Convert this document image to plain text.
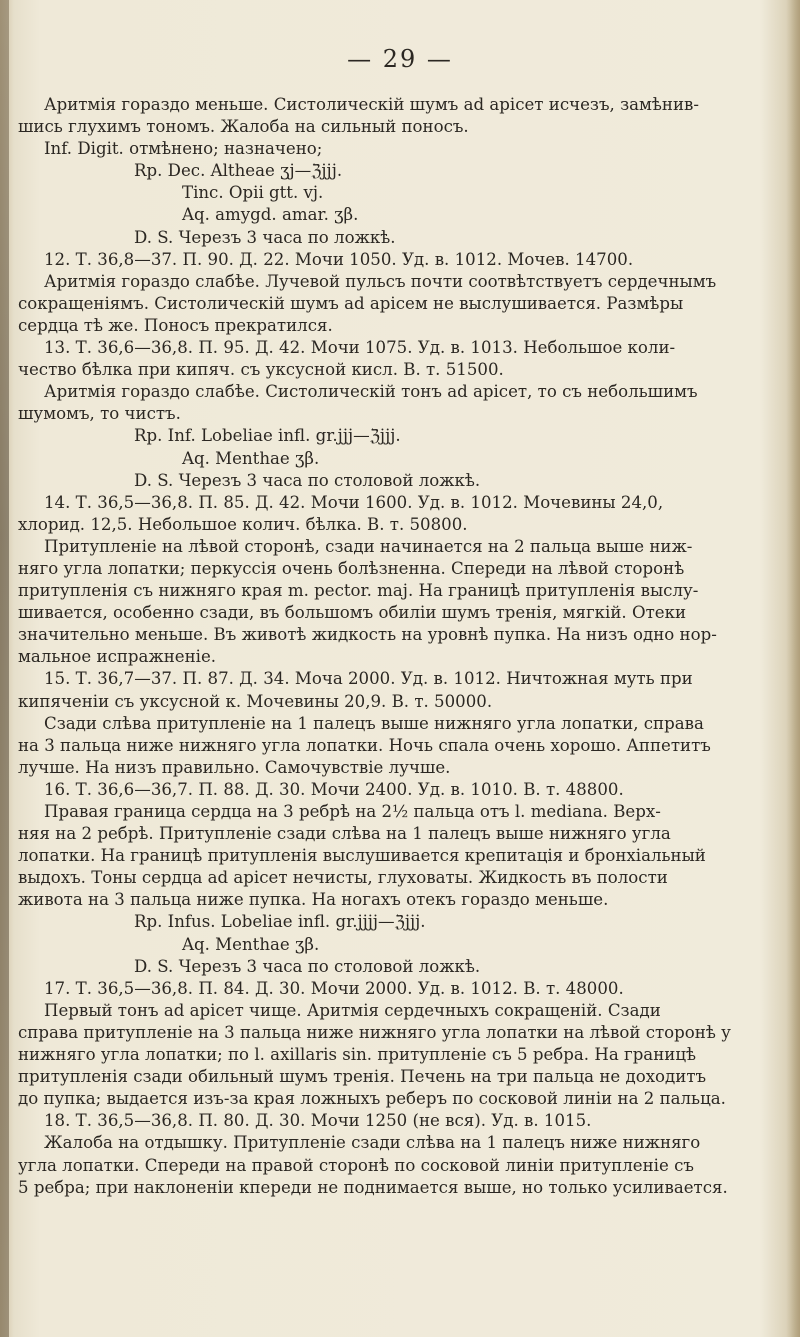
— 29 —
Аритмія гораздо меньше. Систолическій шумъ ad арісет исчезъ, замѣнив-
шись глухимъ тономъ. Жалоба на сильный поносъ.
Inf. Digit. отмѣнено; назначено;
Rp. Dec. Althеae ʒj—ℨjjj.
Tinc. Opii gtt. vj.
Aq. amygd. amar. ʒβ.
D. S. Черезъ 3 часа по ложкѣ.
12. Т. 36,8—37. П. 90. Д. 22. Мочи 1050. Уд. в. 1012. Мочев. 14700.
Аритмія гораздо слабѣе. Лучевой пульсъ почти соотвѣтствуетъ сердечнымъ
сокращеніямъ. Систолическій шумъ ad арісем не выслушивается. Размѣры
сердца тѣ же. Поносъ прекратился.
13. Т. 36,6—36,8. П. 95. Д. 42. Мочи 1075. Уд. в. 1013. Небольшое коли-
чество бѣлка при кипяч. съ уксусной кисл. В. т. 51500.
Аритмія гораздо слабѣе. Систолическій тонъ ad арісет, то съ небольшимъ
шумомъ, то чистъ.
Rp. Inf. Lobeliae infl. gr.jjj—ℨjjj.
Aq. Menthae ʒβ.
D. S. Черезъ 3 часа по столовой ложкѣ.
14. Т. 36,5—36,8. П. 85. Д. 42. Мочи 1600. Уд. в. 1012. Мочевины 24,0,
хлорид. 12,5. Небольшое колич. бѣлка. В. т. 50800.
Притупленіе на лѣвой сторонѣ, сзади начинается на 2 пальца выше ниж-
няго угла лопатки; перкуссія очень болѣзненна. Спереди на лѣвой сторонѣ
притупленія съ нижняго края m. pector. maj. На границѣ притупленія выслу-
шивается, особенно сзади, въ большомъ обиліи шумъ тренія, мягкій. Отеки
значительно меньше. Въ животѣ жидкость на уровнѣ пупка. На низъ одно нор-
мальное испражненіе.
15. Т. 36,7—37. П. 87. Д. 34. Моча 2000. Уд. в. 1012. Ничтожная муть при
кипяченіи съ уксусной к. Мочевины 20,9. В. т. 50000.
Сзади слѣва притупленіе на 1 палецъ выше нижняго угла лопатки, справа
на 3 пальца ниже нижняго угла лопатки. Ночь спала очень хорошо. Аппетитъ
лучше. На низъ правильно. Самочувствіе лучше.
16. Т. 36,6—36,7. П. 88. Д. 30. Мочи 2400. Уд. в. 1010. В. т. 48800.
Правая граница сердца на 3 ребрѣ на 2½ пальца отъ l. mediana. Верх-
няя на 2 ребрѣ. Притупленіе сзади слѣва на 1 палецъ выше нижняго угла
лопатки. На границѣ притупленія выслушивается крепитація и бронхіальный
выдохъ. Тоны сердца ad арісет нечисты, глуховаты. Жидкость въ полости
живота на 3 пальца ниже пупка. На ногахъ отекъ гораздо меньше.
Rp. Infus. Lobeliae infl. gr.jjjj—ℨjjj.
Aq. Menthae ʒβ.
D. S. Черезъ 3 часа по столовой ложкѣ.
17. Т. 36,5—36,8. П. 84. Д. 30. Мочи 2000. Уд. в. 1012. В. т. 48000.
Первый тонъ ad арісет чище. Аритмія сердечныхъ сокращеній. Сзади
справа притупленіе на 3 пальца ниже нижняго угла лопатки на лѣвой сторонѣ у
нижняго угла лопатки; по l. axillaris sin. притупленіе съ 5 ребра. На границѣ
притупленія сзади обильный шумъ тренія. Печень на три пальца не доходитъ
до пупка; выдается изъ-за края ложныхъ реберъ по сосковой линіи на 2 пальца.
18. Т. 36,5—36,8. П. 80. Д. 30. Мочи 1250 (не вся). Уд. в. 1015.
Жалоба на отдышку. Притупленіе сзади слѣва на 1 палецъ ниже нижняго
угла лопатки. Спереди на правой сторонѣ по сосковой линіи притупленіе съ
5 ребра; при наклоненіи кпереди не поднимается выше, но только усиливается.
